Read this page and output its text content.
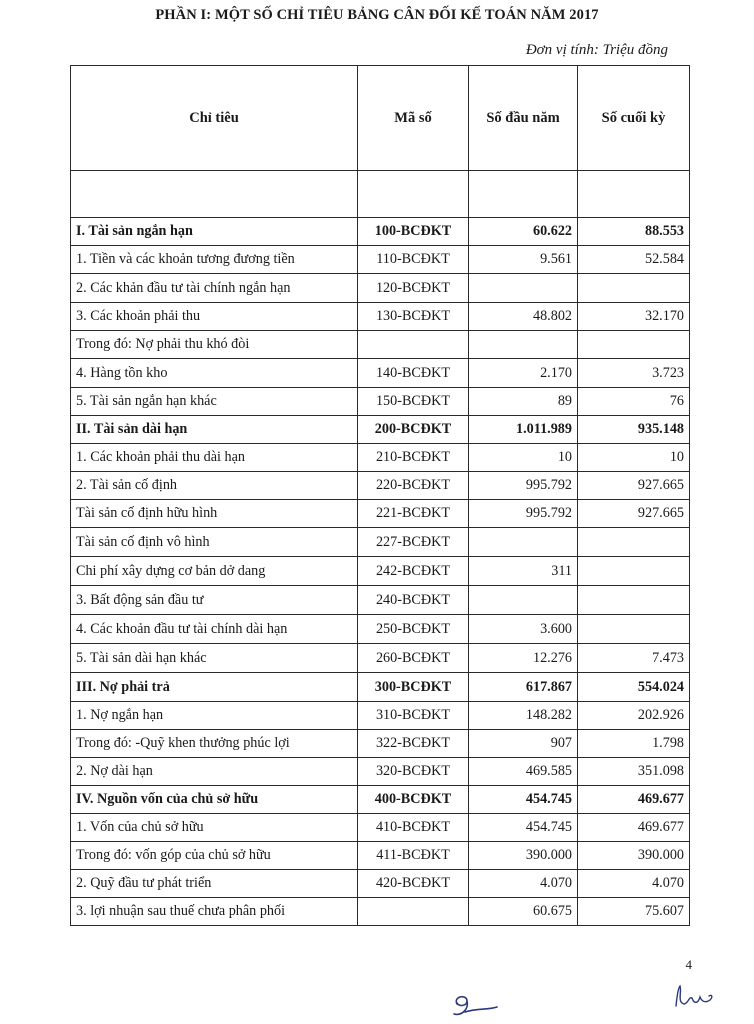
PHẦN I: MỘT SỐ CHỈ TIÊU BẢNG CÂN ĐỐI KẾ TOÁN NĂM 2017
Đơn vị tính: Triệu đồng
Chỉ tiêu	Mã số	Số đầu năm	Số cuối kỳ

I. Tài sản ngắn hạn	100-BCĐKT	60.622	88.553
1. Tiền và các khoản tương đương tiền	110-BCĐKT	9.561	52.584
2. Các khản đầu tư tài chính ngắn hạn	120-BCĐKT		
3. Các khoản phải thu	130-BCĐKT	48.802	32.170
Trong đó: Nợ phải thu khó đòi			
4. Hàng tồn kho	140-BCĐKT	2.170	3.723
5. Tài sản ngắn hạn khác	150-BCĐKT	89	76
II. Tài sản dài hạn	200-BCĐKT	1.011.989	935.148
1. Các khoản phải thu dài hạn	210-BCĐKT	10	10
2. Tài sản cố định	220-BCĐKT	995.792	927.665
Tài sản cố định hữu hình	221-BCĐKT	995.792	927.665
Tài sản cố định vô hình	227-BCĐKT		
Chi phí xây dựng cơ bản dở dang	242-BCĐKT	311	
3. Bất động sản đầu tư	240-BCĐKT		
4. Các khoản đầu tư tài chính dài hạn	250-BCĐKT	3.600	
5. Tài sản dài hạn khác	260-BCĐKT	12.276	7.473
III. Nợ phải trả	300-BCĐKT	617.867	554.024
1. Nợ ngắn hạn	310-BCĐKT	148.282	202.926
Trong đó: -Quỹ khen thưởng phúc lợi	322-BCĐKT	907	1.798
2. Nợ dài hạn	320-BCĐKT	469.585	351.098
IV. Nguồn vốn của chủ sở hữu	400-BCĐKT	454.745	469.677
1. Vốn của chủ sở hữu	410-BCĐKT	454.745	469.677
Trong đó: vốn góp của chủ sở hữu	411-BCĐKT	390.000	390.000
2. Quỹ đầu tư phát triển	420-BCĐKT	4.070	4.070
3. lợi nhuận sau thuế chưa phân phối		60.675	75.607
4
